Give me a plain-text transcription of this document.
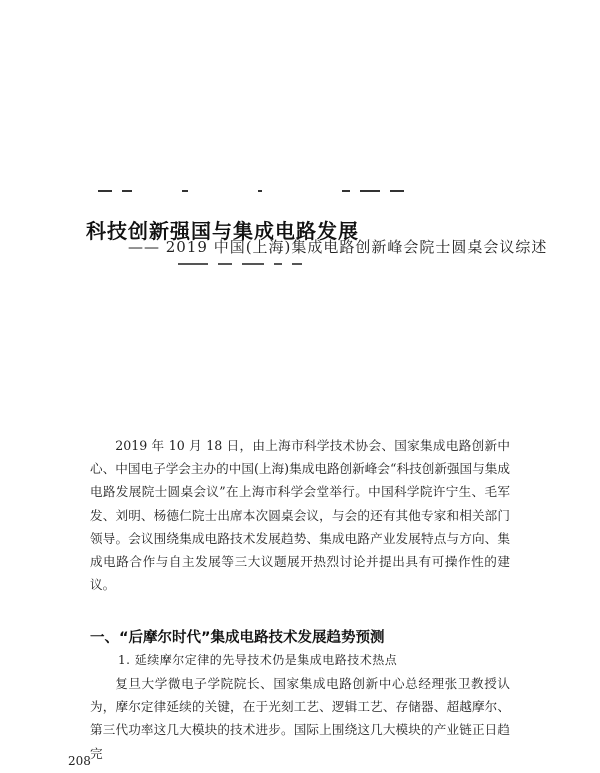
科技创新强国与集成电路发展
—— 2019 中国(上海)集成电路创新峰会院士圆桌会议综述

2019 年 10 月 18 日，由上海市科学技术协会、国家集成电路创新中心、中国电子学会主办的中国(上海)集成电路创新峰会“科技创新强国与集成电路发展院士圆桌会议”在上海市科学会堂举行。中国科学院许宁生、毛军发、刘明、杨德仁院士出席本次圆桌会议，与会的还有其他专家和相关部门领导。会议围绕集成电路技术发展趋势、集成电路产业发展特点与方向、集成电路合作与自主发展等三大议题展开热烈讨论并提出具有可操作性的建议。

一、“后摩尔时代”集成电路技术发展趋势预测
1. 延续摩尔定律的先导技术仍是集成电路技术热点

复旦大学微电子学院院长、国家集成电路创新中心总经理张卫教授认为，摩尔定律延续的关键，在于光刻工艺、逻辑工艺、存储器、超越摩尔、第三代功率这几大模块的技术进步。国际上围绕这几大模块的产业链正日趋完

208
